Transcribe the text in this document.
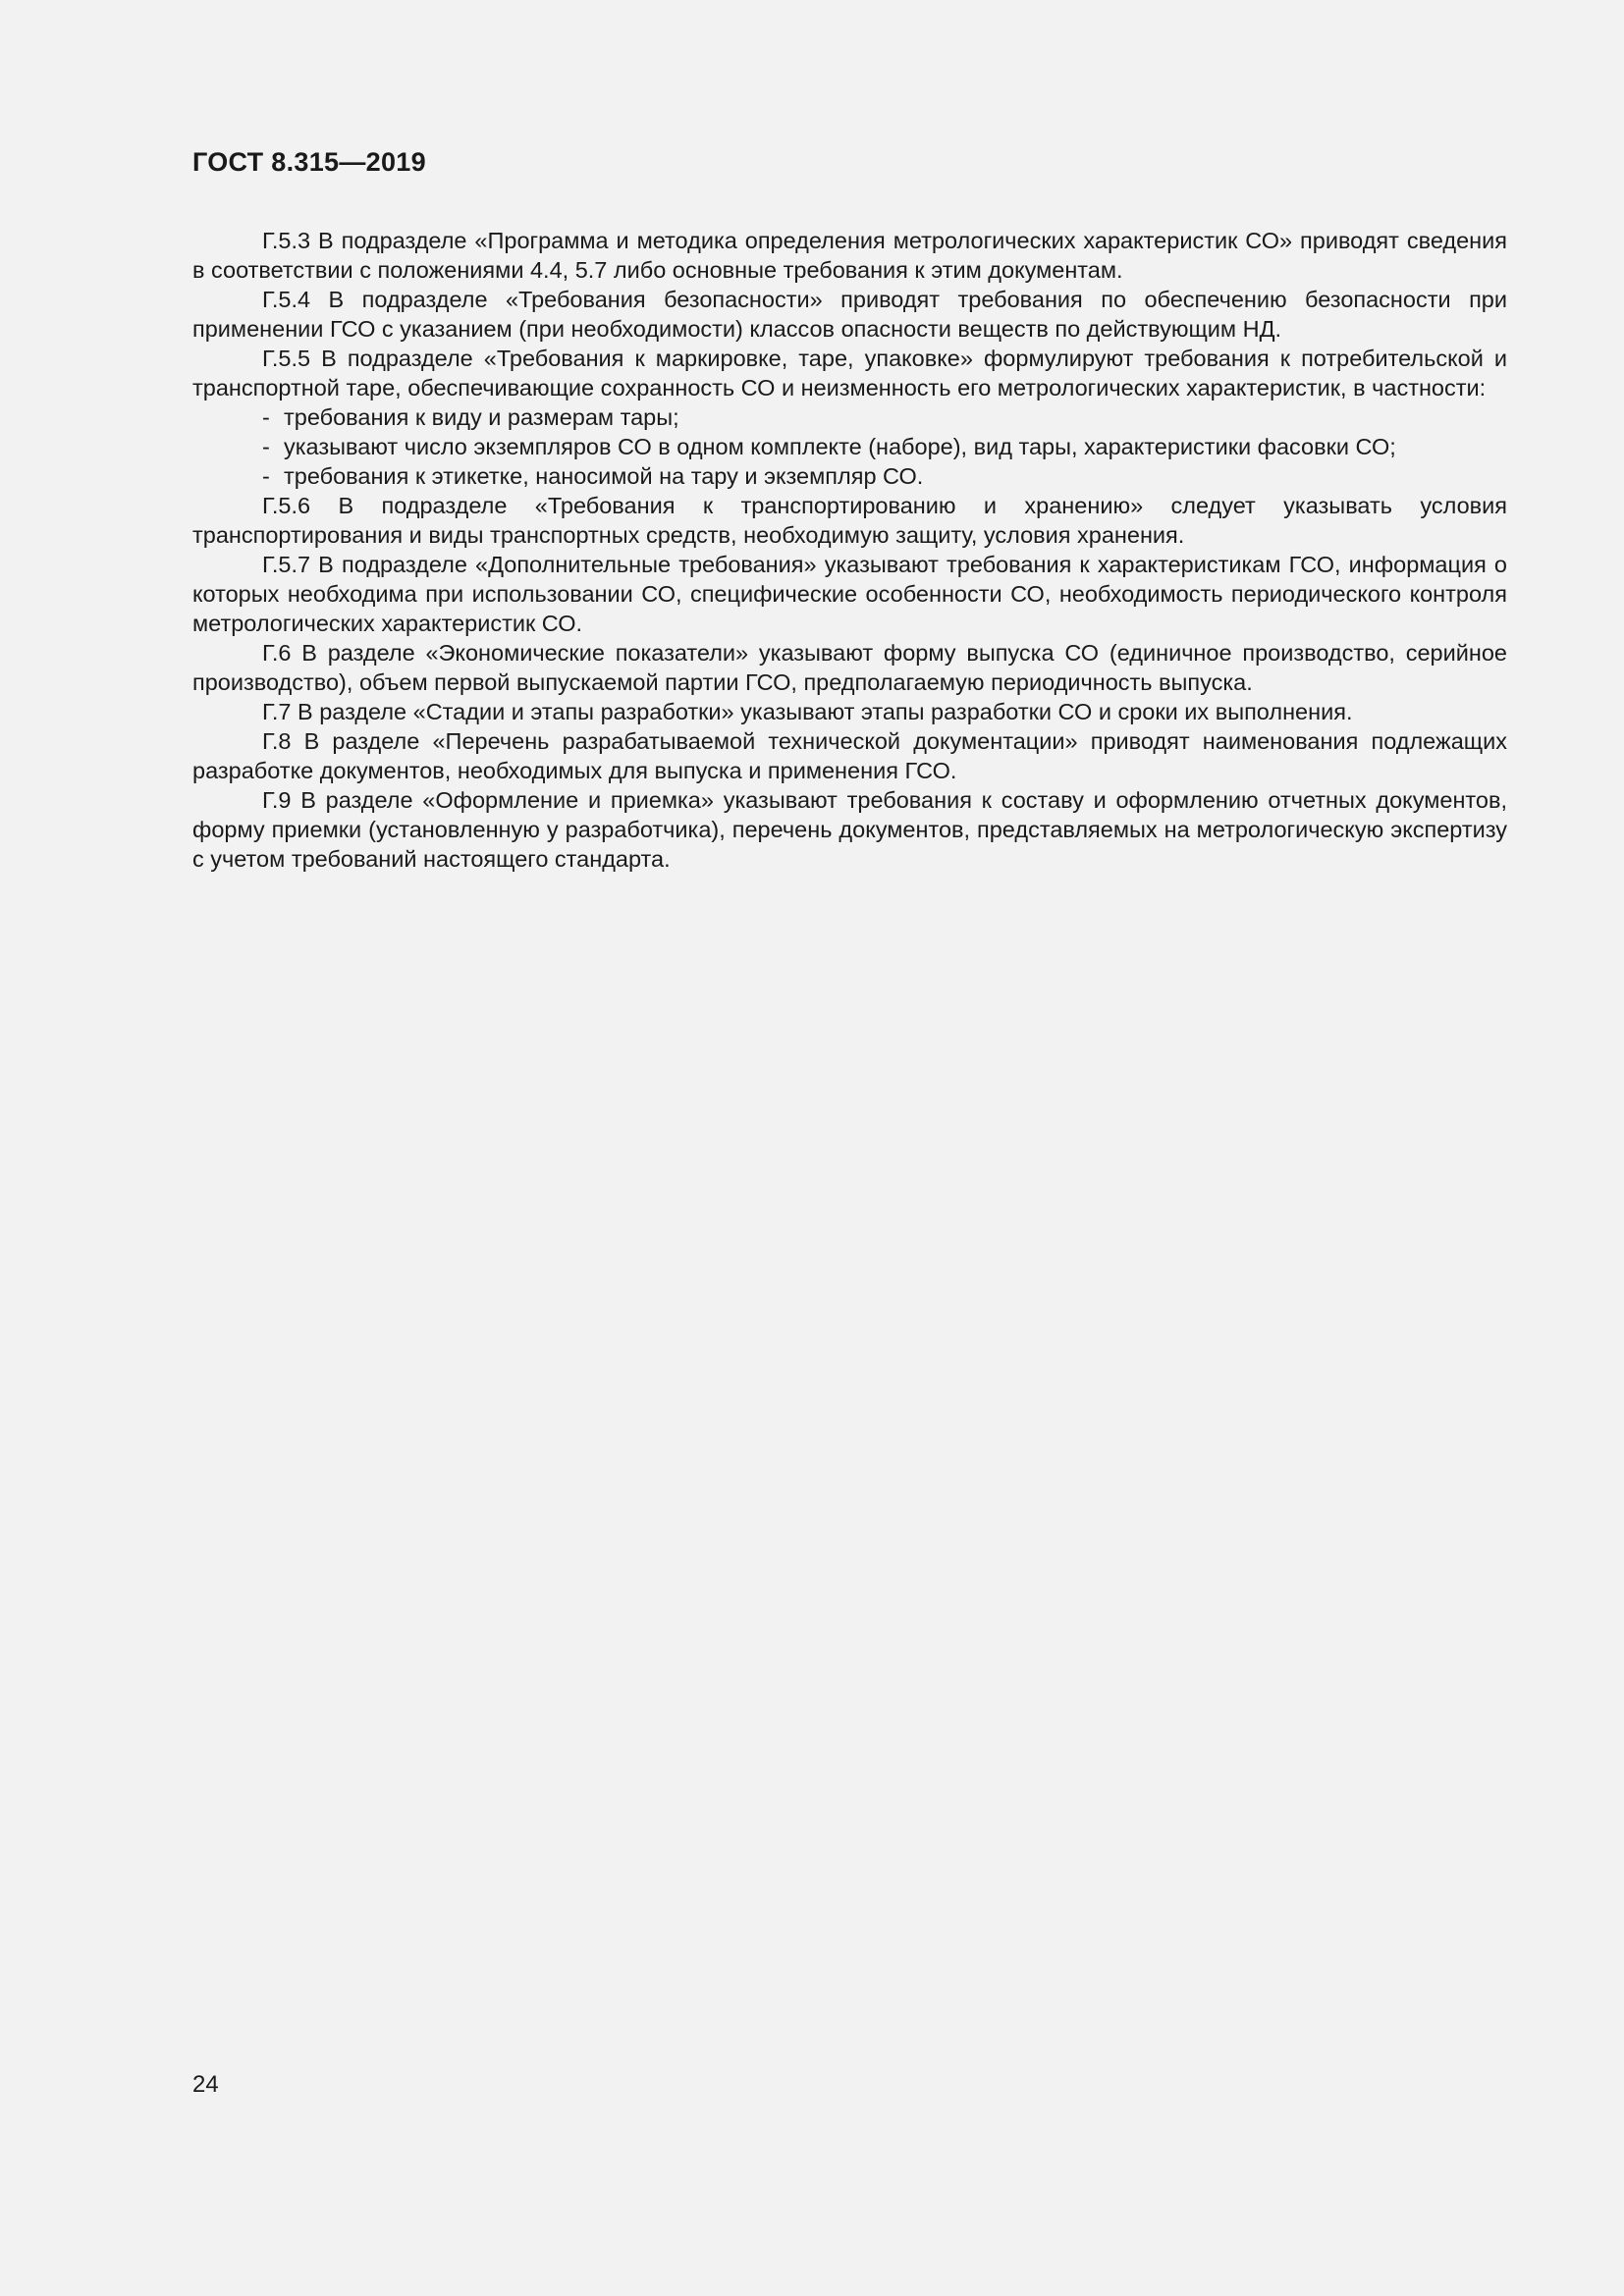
ГОСТ 8.315—2019

Г.5.3 В подразделе «Программа и методика определения метрологических характеристик СО» приводят сведения в соответствии с положениями 4.4, 5.7 либо основные требования к этим документам.

Г.5.4 В подразделе «Требования безопасности» приводят требования по обеспечению безопасности при применении ГСО с указанием (при необходимости) классов опасности веществ по действующим НД.

Г.5.5 В подразделе «Требования к маркировке, таре, упаковке» формулируют требования к потребительской и транспортной таре, обеспечивающие сохранность СО и неизменность его метрологических характеристик, в частности:

- требования к виду и размерам тары;

- указывают число экземпляров СО в одном комплекте (наборе), вид тары, характеристики фасовки СО;

- требования к этикетке, наносимой на тару и экземпляр СО.

Г.5.6 В подразделе «Требования к транспортированию и хранению» следует указывать условия транспортирования и виды транспортных средств, необходимую защиту, условия хранения.

Г.5.7 В подразделе «Дополнительные требования» указывают требования к характеристикам ГСО, информация о которых необходима при использовании СО, специфические особенности СО, необходимость периодического контроля метрологических характеристик СО.

Г.6 В разделе «Экономические показатели» указывают форму выпуска СО (единичное производство, серийное производство), объем первой выпускаемой партии ГСО, предполагаемую периодичность выпуска.

Г.7 В разделе «Стадии и этапы разработки» указывают этапы разработки СО и сроки их выполнения.

Г.8 В разделе «Перечень разрабатываемой технической документации» приводят наименования подлежащих разработке документов, необходимых для выпуска и применения ГСО.

Г.9 В разделе «Оформление и приемка» указывают требования к составу и оформлению отчетных документов, форму приемки (установленную у разработчика), перечень документов, представляемых на метрологическую экспертизу с учетом требований настоящего стандарта.

24
